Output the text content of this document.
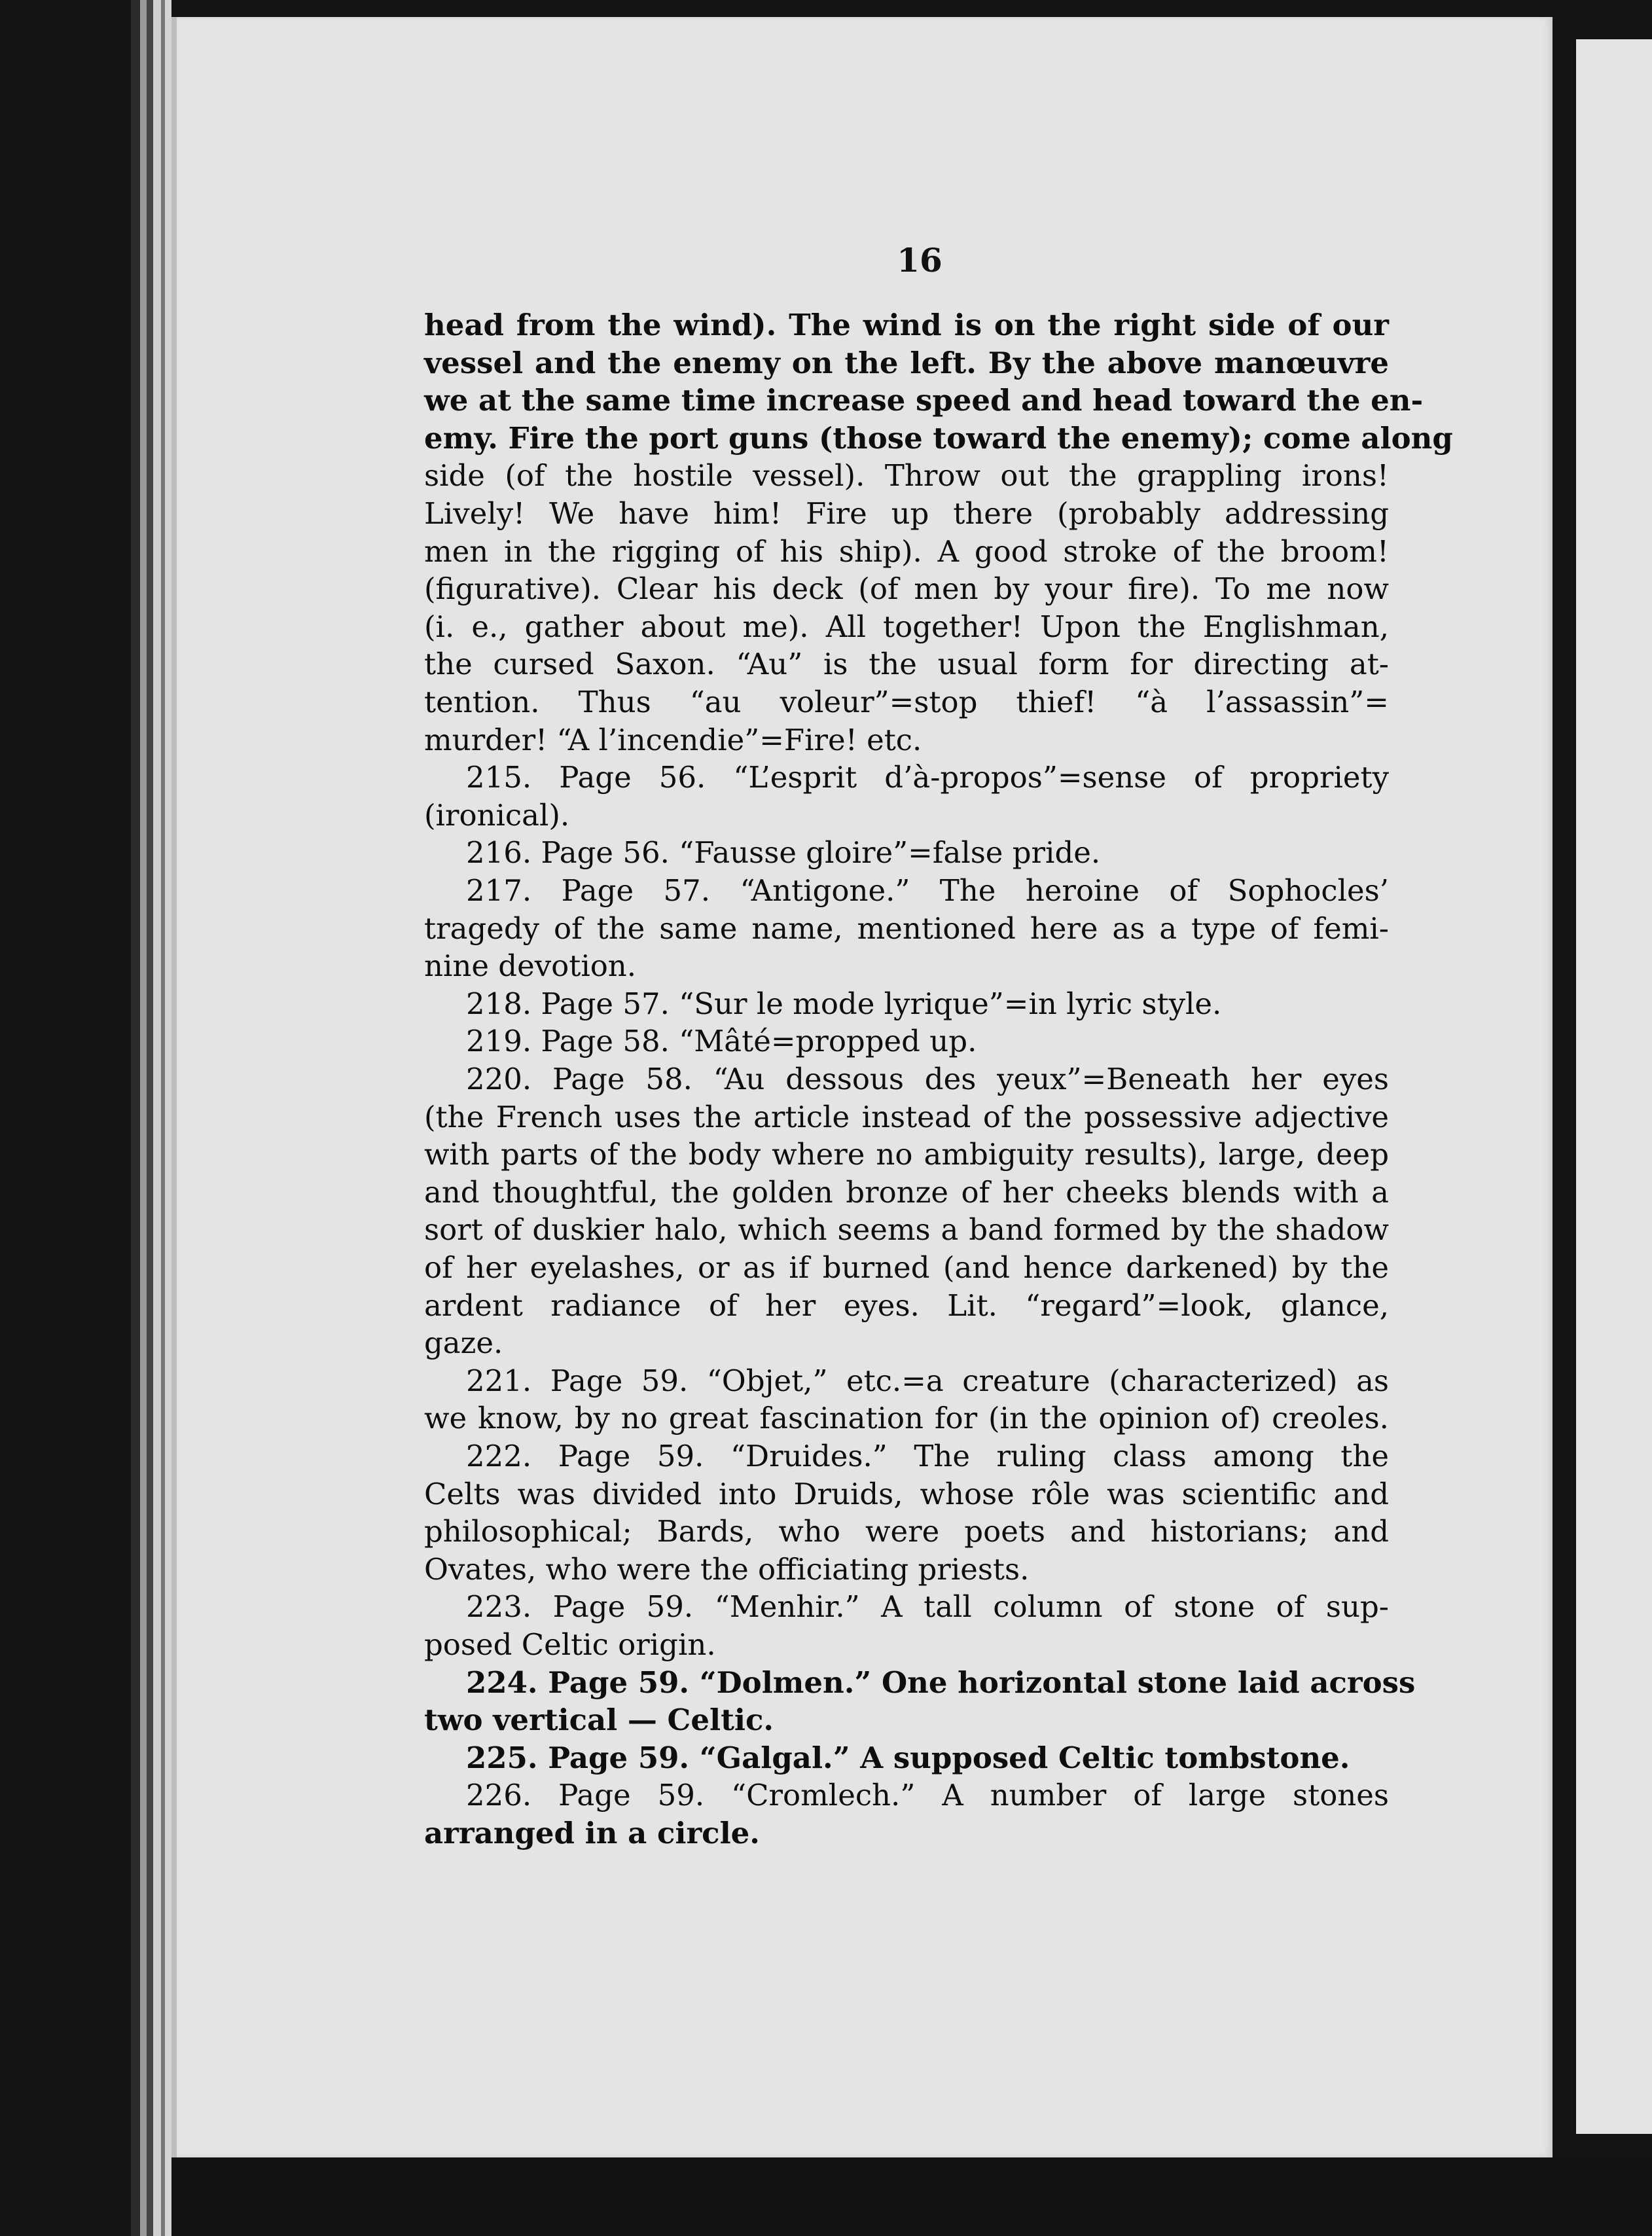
16
head from the wind). The wind is on the right side of our
vessel and the enemy on the left. By the above manœuvre
we at the same time increase speed and head toward the en-
emy. Fire the port guns (those toward the enemy); come along
side (of the hostile vessel). Throw out the grappling irons!
Lively! We have him! Fire up there (probably addressing
men in the rigging of his ship). A good stroke of the broom!
(figurative). Clear his deck (of men by your fire). To me now
(i. e., gather about me). All together! Upon the Englishman,
the cursed Saxon. “Au” is the usual form for directing at-
tention. Thus “au voleur”=stop thief! “à l’assassin”=
murder! “A l’incendie”=Fire! etc.
215. Page 56. “L’esprit d’à-propos”=sense of propriety
(ironical).
216. Page 56. “Fausse gloire”=false pride.
217. Page 57. “Antigone.” The heroine of Sophocles’
tragedy of the same name, mentioned here as a type of femi-
nine devotion.
218. Page 57. “Sur le mode lyrique”=in lyric style.
219. Page 58. “Mâté=propped up.
220. Page 58. “Au dessous des yeux”=Beneath her eyes
(the French uses the article instead of the possessive adjective
with parts of the body where no ambiguity results), large, deep
and thoughtful, the golden bronze of her cheeks blends with a
sort of duskier halo, which seems a band formed by the shadow
of her eyelashes, or as if burned (and hence darkened) by the
ardent radiance of her eyes. Lit. “regard”=look, glance,
gaze.
221. Page 59. “Objet,” etc.=a creature (characterized) as
we know, by no great fascination for (in the opinion of) creoles.
222. Page 59. “Druides.” The ruling class among the
Celts was divided into Druids, whose rôle was scientific and
philosophical; Bards, who were poets and historians; and
Ovates, who were the officiating priests.
223. Page 59. “Menhir.” A tall column of stone of sup-
posed Celtic origin.
224. Page 59. “Dolmen.” One horizontal stone laid across
two vertical — Celtic.
225. Page 59. “Galgal.” A supposed Celtic tombstone.
226. Page 59. “Cromlech.” A number of large stones
arranged in a circle.
